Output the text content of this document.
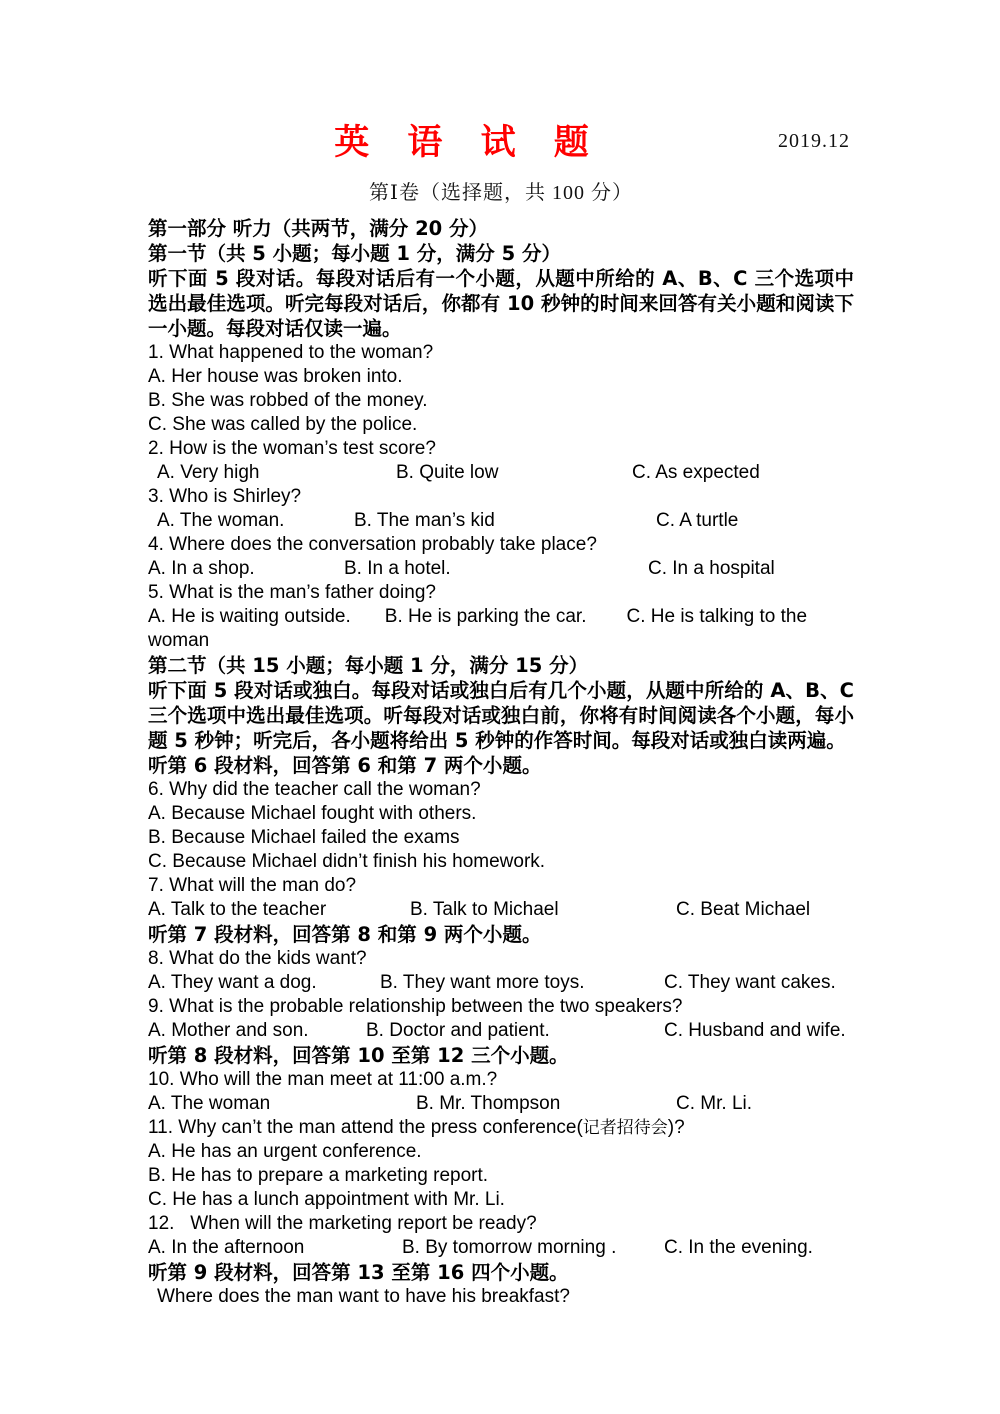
英 语 试 题	2019.12
第Ⅰ卷（选择题，共 100 分）
第一部分 听力（共两节，满分 20 分）
第一节（共 5 小题；每小题 1 分，满分 5 分）
听下面 5 段对话。每段对话后有一个小题，从题中所给的 A、B、C 三个选项中选出最佳选项。听完每段对话后，你都有 10 秒钟的时间来回答有关小题和阅读下一小题。每段对话仅读一遍。
1. What happened to the woman?
A. Her house was broken into.
B. She was robbed of the money.
C. She was called by the police.
2. How is the woman’s test score?
A. Very high	B. Quite low	C. As expected
3. Who is Shirley?
A. The woman.	B. The man’s kid	C. A turtle
4. Where does the conversation probably take place?
A. In a shop.	B. In a hotel.	C. In a hospital
5. What is the man’s father doing?
A. He is waiting outside. B. He is parking the car. C. He is talking to the woman
第二节（共 15 小题；每小题 1 分，满分 15 分）
听下面 5 段对话或独白。每段对话或独白后有几个小题，从题中所给的 A、B、C 三个选项中选出最佳选项。听每段对话或独白前，你将有时间阅读各个小题，每小题 5 秒钟；听完后，各小题将给出 5 秒钟的作答时间。每段对话或独白读两遍。
听第 6 段材料，回答第 6 和第 7 两个小题。
6. Why did the teacher call the woman?
A. Because Michael fought with others.
B. Because Michael failed the exams
C. Because Michael didn’t finish his homework.
7. What will the man do?
A. Talk to the teacher	B. Talk to Michael	C. Beat Michael
听第 7 段材料，回答第 8 和第 9 两个小题。
8. What do the kids want?
A. They want a dog.	B. They want more toys.	C. They want cakes.
9. What is the probable relationship between the two speakers?
A. Mother and son.	B. Doctor and patient.	C. Husband and wife.
听第 8 段材料，回答第 10 至第 12 三个小题。
10. Who will the man meet at 11:00 a.m.?
A. The woman	B. Mr. Thompson	C. Mr. Li.
11. Why can’t the man attend the press conference(记者招待会)?
A. He has an urgent conference.
B. He has to prepare a marketing report.
C. He has a lunch appointment with Mr. Li.
12.   When will the marketing report be ready?
A. In the afternoon	B. By tomorrow morning .	C. In the evening.
听第 9 段材料，回答第 13 至第 16 四个小题。
Where does the man want to have his breakfast?
